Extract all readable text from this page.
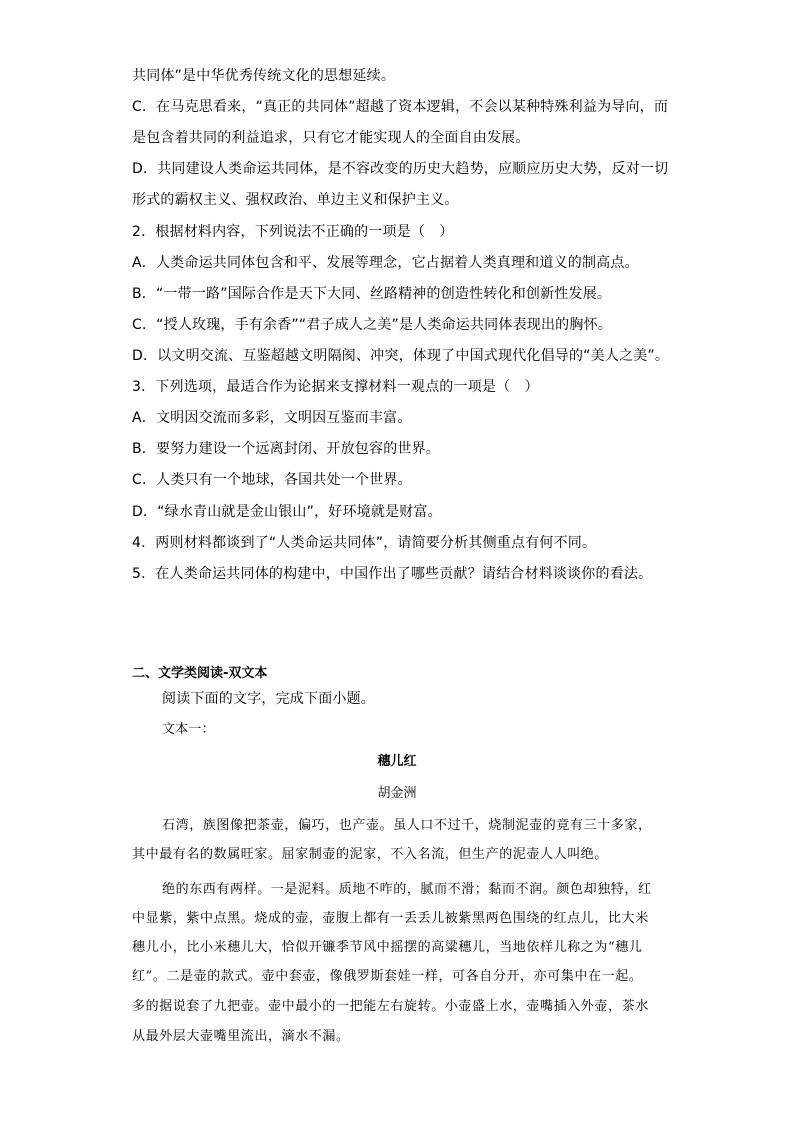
共同体”是中华优秀传统文化的思想延续。
C．在马克思看来，“真正的共同体”超越了资本逻辑，不会以某种特殊利益为导向，而
是包含着共同的利益追求，只有它才能实现人的全面自由发展。
D．共同建设人类命运共同体，是不容改变的历史大趋势，应顺应历史大势，反对一切
形式的霸权主义、强权政治、单边主义和保护主义。
2．根据材料内容，下列说法不正确的一项是（　）
A．人类命运共同体包含和平、发展等理念，它占据着人类真理和道义的制高点。
B．“一带一路”国际合作是天下大同、丝路精神的创造性转化和创新性发展。
C．“授人玫瑰，手有余香”“君子成人之美”是人类命运共同体表现出的胸怀。
D．以文明交流、互鉴超越文明隔阂、冲突，体现了中国式现代化倡导的“美人之美”。
3．下列选项，最适合作为论据来支撑材料一观点的一项是（　）
A．文明因交流而多彩，文明因互鉴而丰富。
B．要努力建设一个远离封闭、开放包容的世界。
C．人类只有一个地球，各国共处一个世界。
D．“绿水青山就是金山银山”，好环境就是财富。
4．两则材料都谈到了“人类命运共同体”，请简要分析其侧重点有何不同。
5．在人类命运共同体的构建中，中国作出了哪些贡献？请结合材料谈谈你的看法。
二、文学类阅读-双文本
阅读下面的文字，完成下面小题。
文本一：
穗儿红
胡金洲
石湾，族图像把茶壶，偏巧，也产壶。虽人口不过千，烧制泥壶的竟有三十多家，
其中最有名的数属旺家。屈家制壶的泥家，不入名流，但生产的泥壶人人叫绝。
绝的东西有两样。一是泥料。质地不咋的，腻而不滑；黏而不润。颜色却独特，红
中显紫，紫中点黑。烧成的壶，壶腹上都有一丢丢儿被紫黑两色围绕的红点儿，比大米
穗儿小，比小米穗儿大，恰似开镰季节风中摇摆的高粱穗儿，当地依样儿称之为“穗儿
红”。二是壶的款式。壶中套壶，像俄罗斯套娃一样，可各自分开，亦可集中在一起。
多的据说套了九把壶。壶中最小的一把能左右旋转。小壶盛上水，壶嘴插入外壶，茶水
从最外层大壶嘴里流出，滴水不漏。
